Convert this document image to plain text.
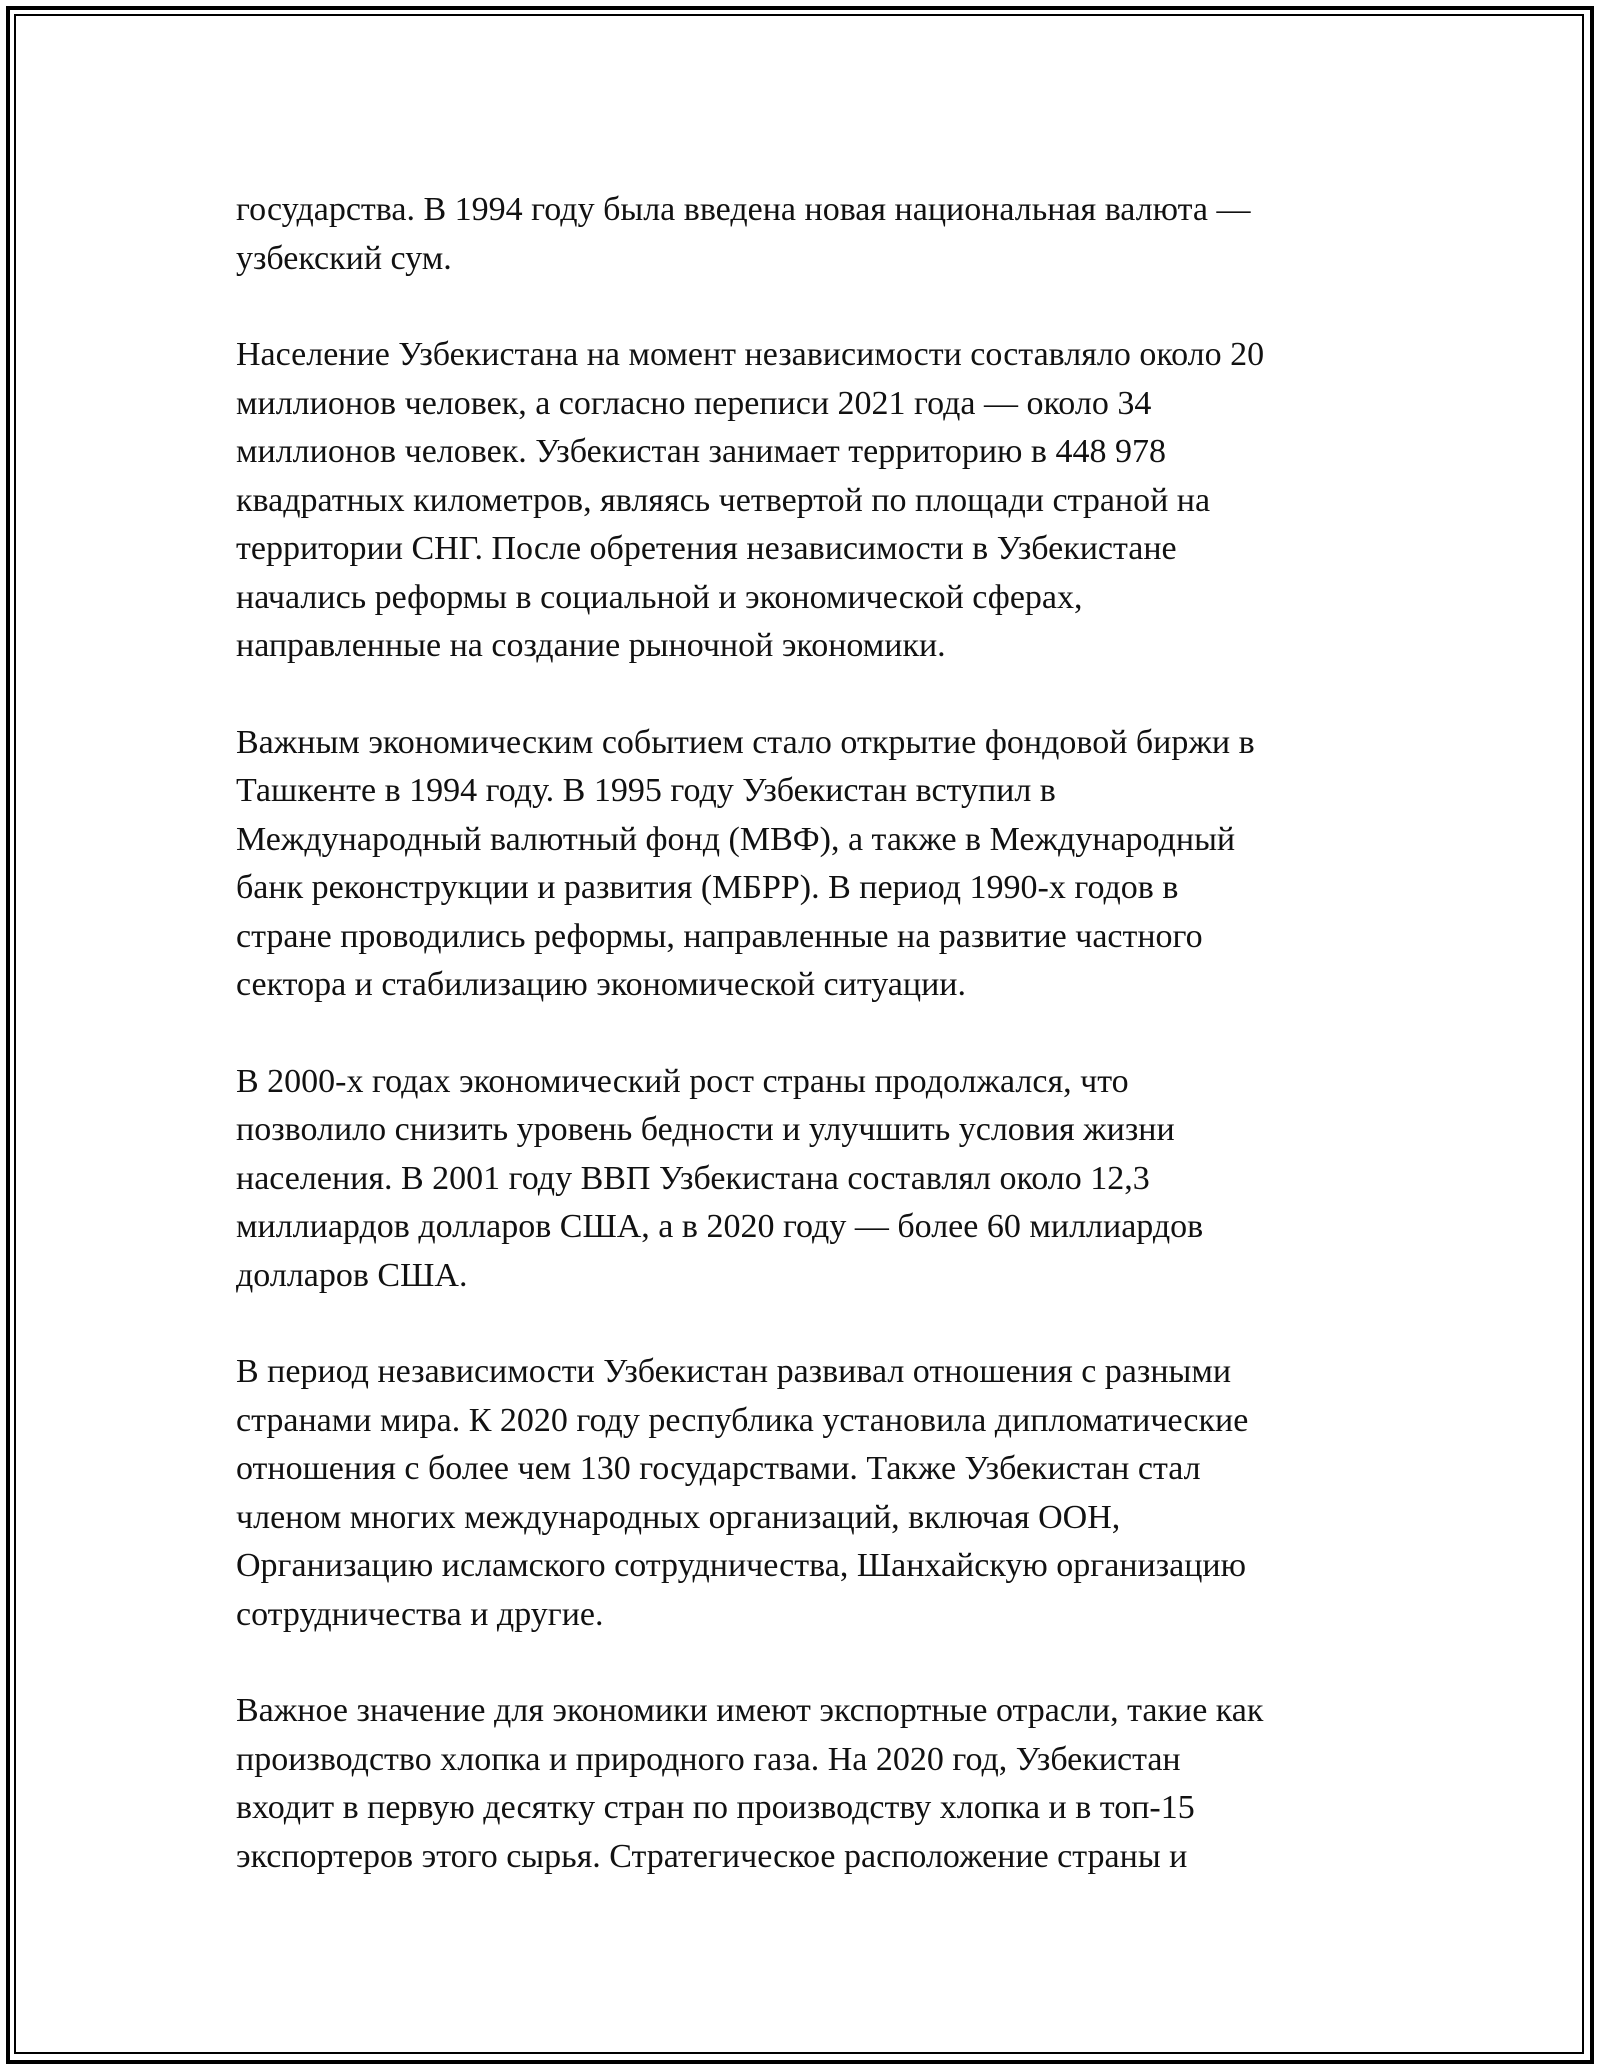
государства. В 1994 году была введена новая национальная валюта —
узбекский сум.

Население Узбекистана на момент независимости составляло около 20
миллионов человек, а согласно переписи 2021 года — около 34
миллионов человек. Узбекистан занимает территорию в 448 978
квадратных километров, являясь четвертой по площади страной на
территории СНГ. После обретения независимости в Узбекистане
начались реформы в социальной и экономической сферах,
направленные на создание рыночной экономики.

Важным экономическим событием стало открытие фондовой биржи в
Ташкенте в 1994 году. В 1995 году Узбекистан вступил в
Международный валютный фонд (МВФ), а также в Международный
банк реконструкции и развития (МБРР). В период 1990-х годов в
стране проводились реформы, направленные на развитие частного
сектора и стабилизацию экономической ситуации.

В 2000-х годах экономический рост страны продолжался, что
позволило снизить уровень бедности и улучшить условия жизни
населения. В 2001 году ВВП Узбекистана составлял около 12,3
миллиардов долларов США, а в 2020 году — более 60 миллиардов
долларов США.

В период независимости Узбекистан развивал отношения с разными
странами мира. К 2020 году республика установила дипломатические
отношения с более чем 130 государствами. Также Узбекистан стал
членом многих международных организаций, включая ООН,
Организацию исламского сотрудничества, Шанхайскую организацию
сотрудничества и другие.

Важное значение для экономики имеют экспортные отрасли, такие как
производство хлопка и природного газа. На 2020 год, Узбекистан
входит в первую десятку стран по производству хлопка и в топ-15
экспортеров этого сырья. Стратегическое расположение страны и
